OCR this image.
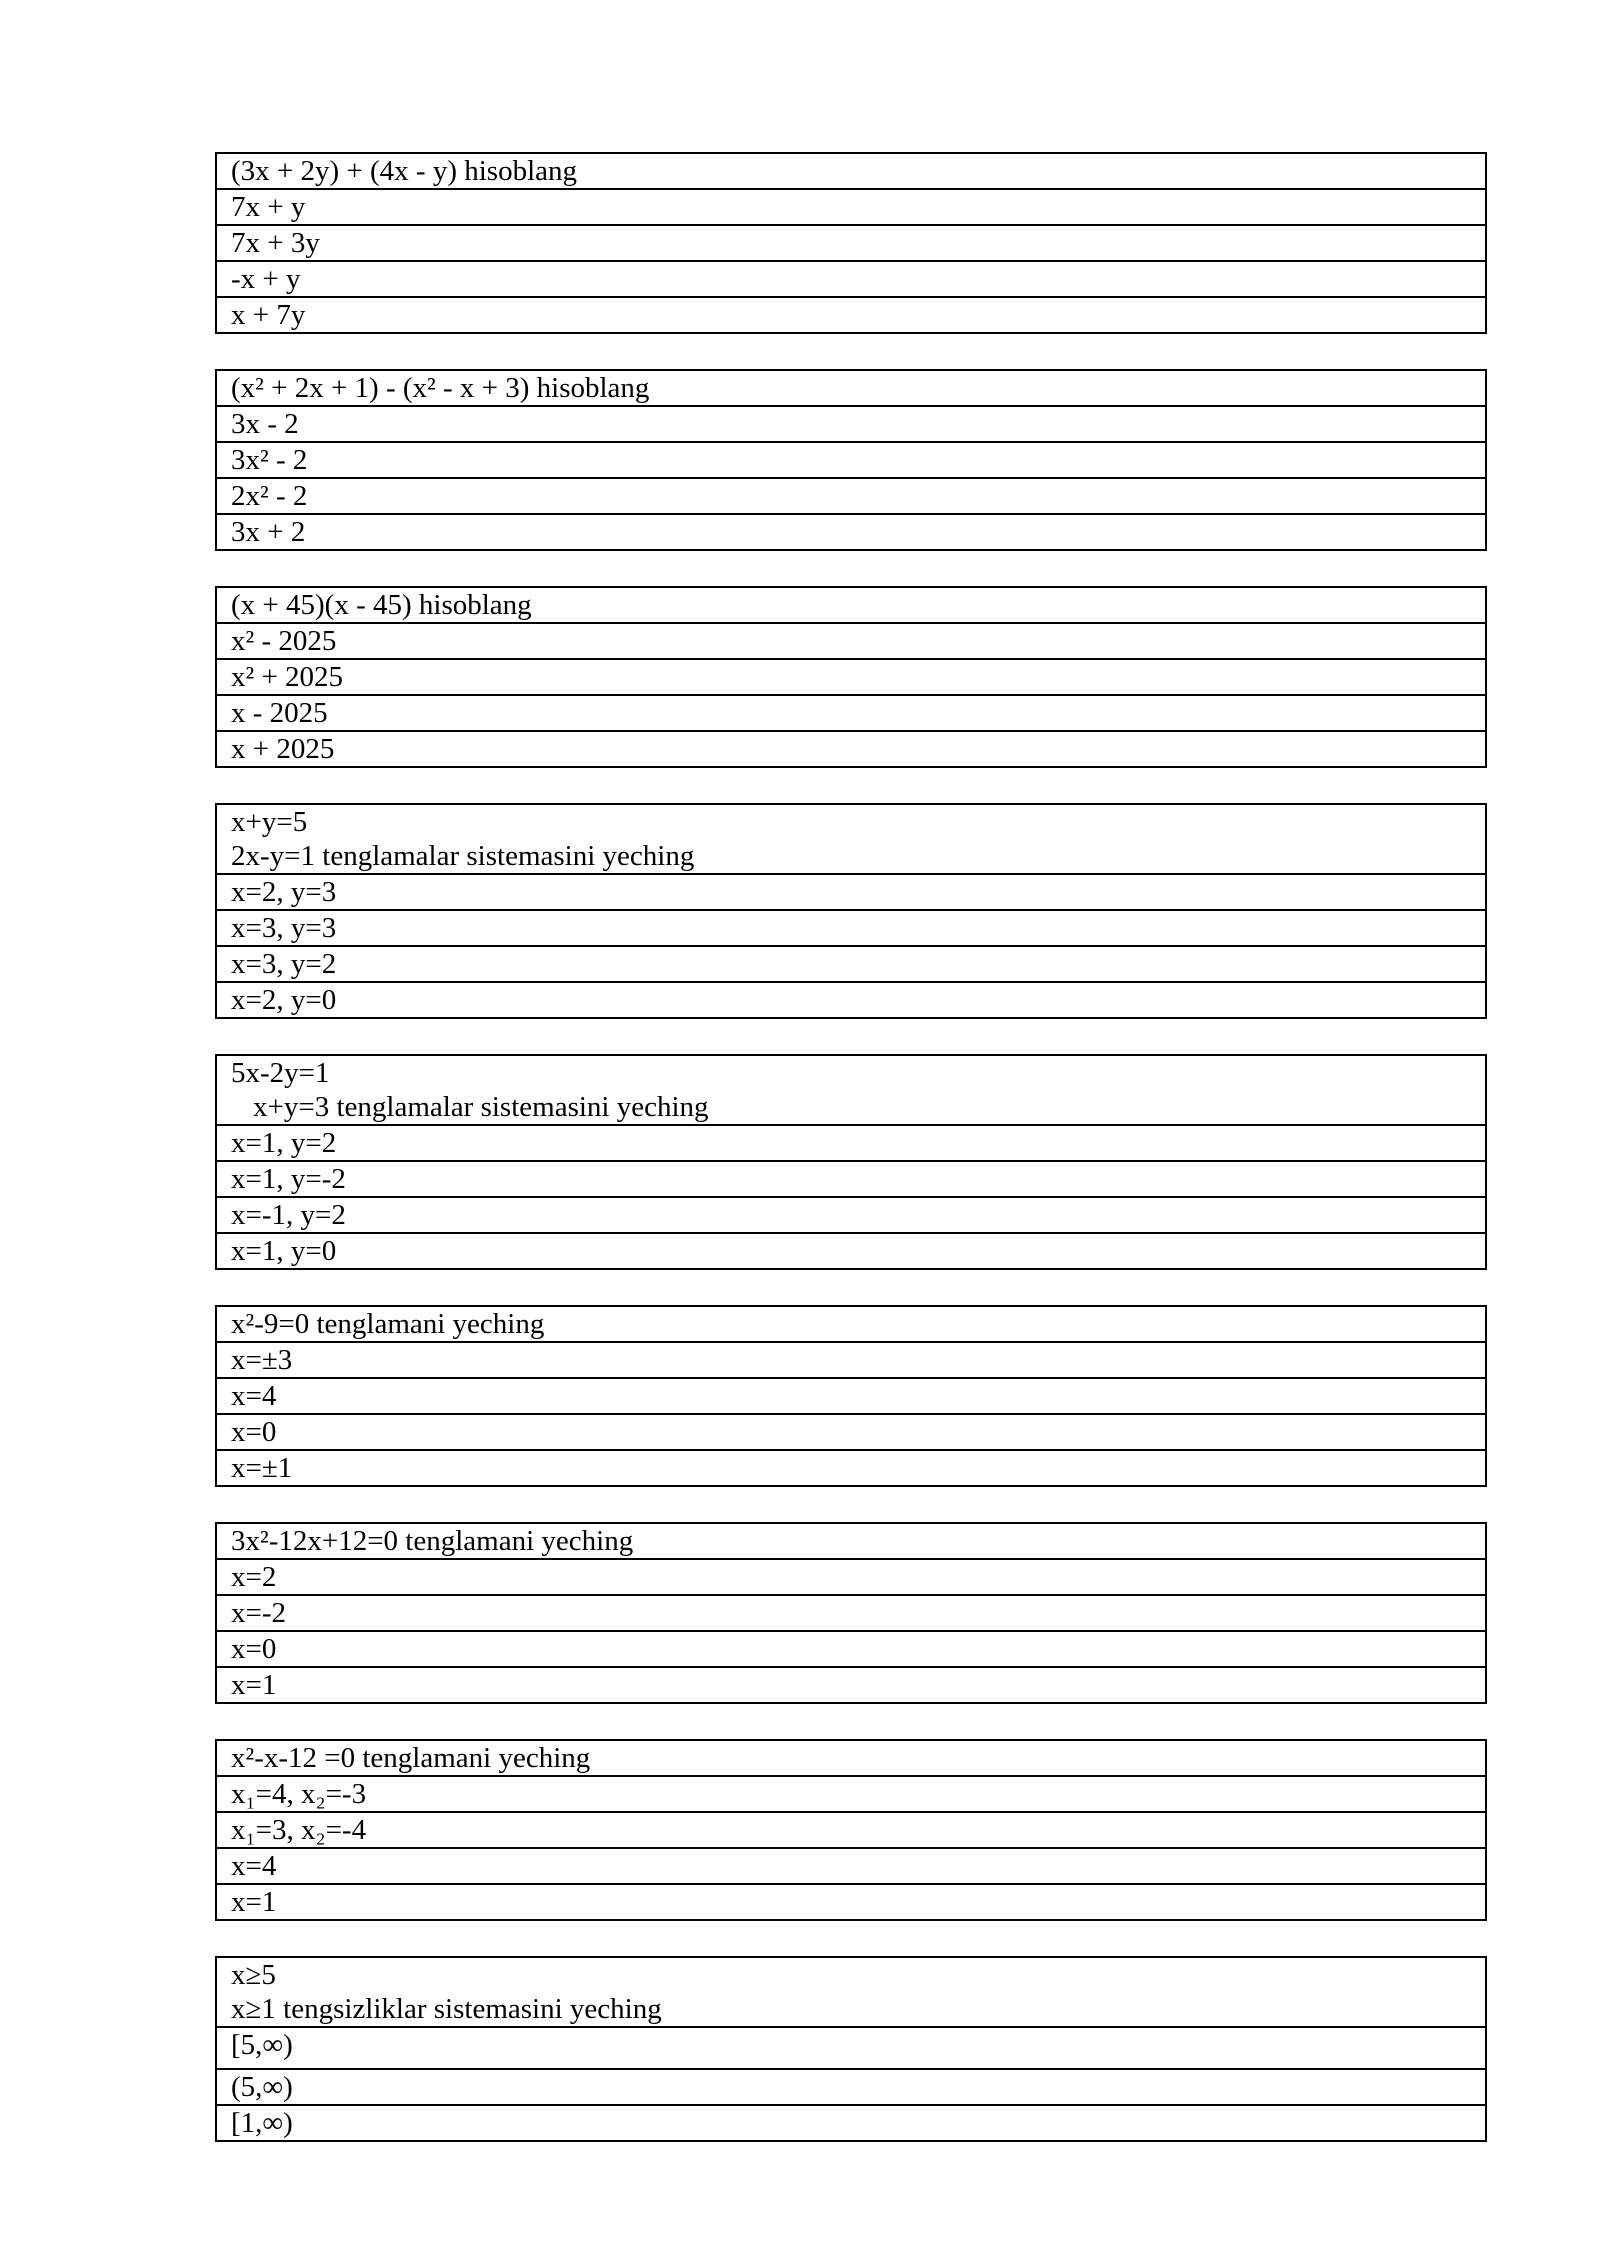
(3x + 2y) + (4x - y) hisoblang
7x + y
7x + 3y
-x + y
x + 7y
(x² + 2x + 1) - (x² - x + 3) hisoblang
3x - 2
3x² - 2
2x² - 2
3x + 2
(x + 45)(x - 45) hisoblang
x² - 2025
x² + 2025
x - 2025
x + 2025
x+y=5
2x-y=1 tenglamalar sistemasini yeching

x=2, y=3
x=3, y=3
x=3, y=2
x=2, y=0
5x-2y=1
x+y=3 tenglamalar sistemasini yeching

x=1, y=2
x=1, y=-2
x=-1, y=2
x=1, y=0
x²-9=0 tenglamani yeching
x=±3
x=4
x=0
x=±1
3x²-12x+12=0 tenglamani yeching
x=2
x=-2
x=0
x=1
x²-x-12 =0 tenglamani yeching
x₁=4, x₂=-3
x₁=3, x₂=-4
x=4
x=1
x≥5
x≥1 tengsizliklar sistemasini yeching

[5,∞)
(5,∞)
[1,∞)
